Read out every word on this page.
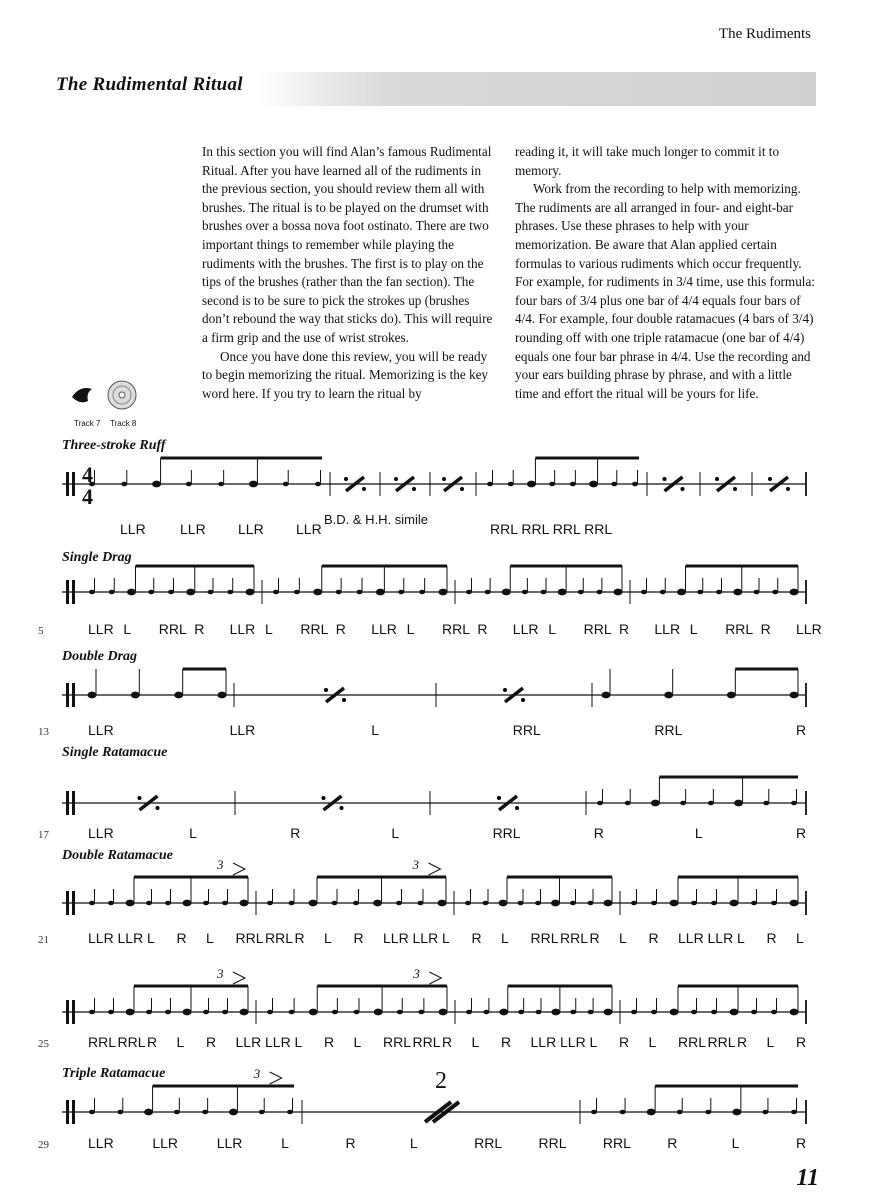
The Rudiments
The Rudimental Ritual

In this section you will find Alan’s famous Rudimental Ritual. After you have learned all of the rudiments in the previous section, you should review them all with brushes. The ritual is to be played on the drumset with brushes over a bossa nova foot ostinato. There are two important things to remember while playing the rudiments with the brushes. The first is to play on the tips of the brushes (rather than the fan section). The second is to be sure to pick the strokes up (brushes don’t rebound the way that sticks do). This will require a firm grip and the use of wrist strokes.

Once you have done this review, you will be ready to begin memorizing the ritual. Memorizing is the key word here. If you try to learn the ritual by

reading it, it will take much longer to commit it to memory.

Work from the recording to help with memorizing. The rudiments are all arranged in four- and eight-bar phrases. Use these phrases to help with your memorization. Be aware that Alan applied certain formulas to various rudiments which occur frequently. For example, for rudiments in 3/4 time, use this formula: four bars of 3/4 plus one bar of 4/4 equals four bars of 4/4. For example, four double ratamacues (4 bars of 3/4) rounding off with one triple ratamacue (one bar of 4/4) equals one four bar phrase in 4/4. Use the recording and your ears building phrase by phrase, and with a little time and effort the ritual will be yours for life.

Track 7 Track 8
Three-stroke Ruff
LLR LLR LLR LLR	RRL RRL RRL RRL
Single Drag
5	LLR L RRL R LLR L RRL R LLR L RRL R LLR L RRL R LLR L RRL R LLR
Double Drag
13	LLR	LLR	L	RRL	RRL	R
Single Ratamacue
17	LLR	L	R	L	RRL	R	L	R
3	3
Double Ratamacue
21	LLR LLR L R L RRL RRL R L R LLR LLR L R L RRL RRL R L R LLR LLR L R L
3	3
25	RRL RRL R L R LLR LLR L R L RRL RRL R L R LLR LLR L R L RRL RRL R L R
2
3
Triple Ratamacue
29	LLR	LLR	LLR	L	R	L	RRL	RRL	RRL	R	L	R
4
4
B.D. & H.H. simile
11
